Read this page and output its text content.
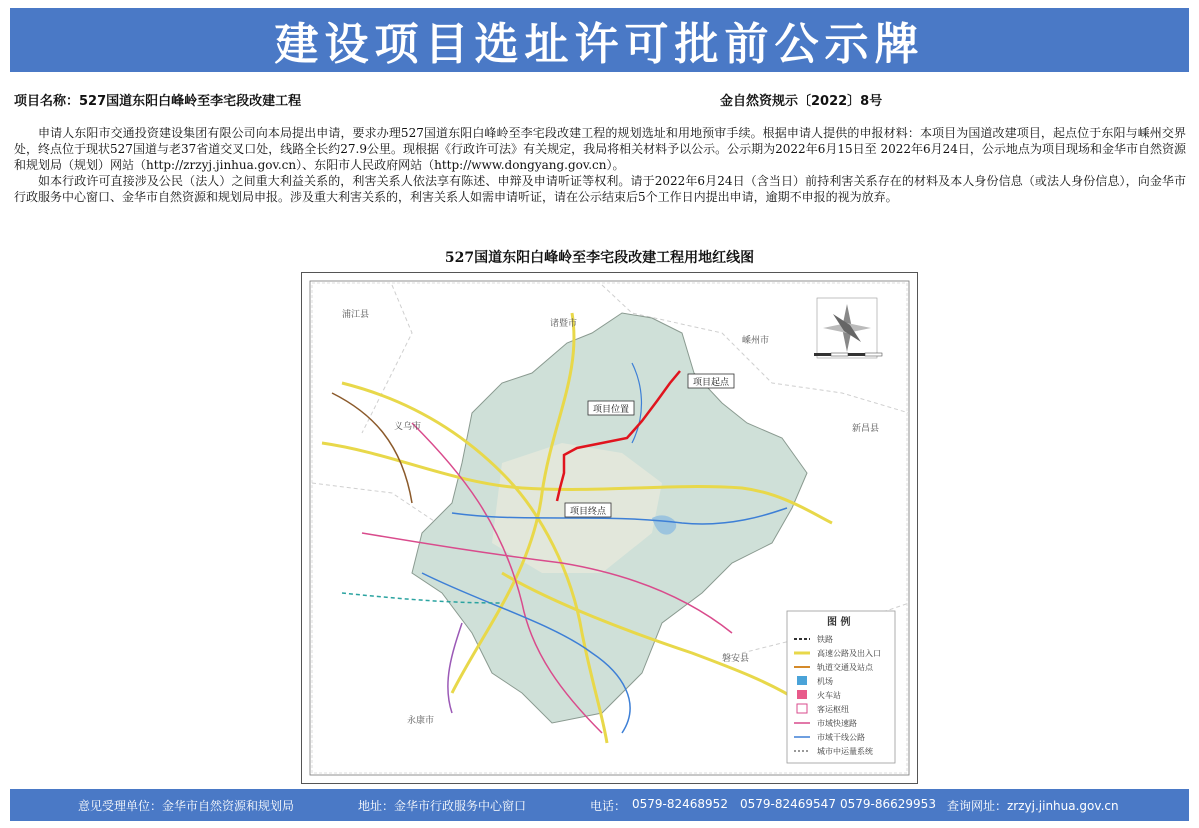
建设项目选址许可批前公示牌
项目名称：527国道东阳白峰岭至李宅段改建工程	金自然资规示〔2022〕8号

申请人东阳市交通投资建设集团有限公司向本局提出申请，要求办理527国道东阳白峰岭至李宅段改建工程的规划选址和用地预审手续。根据申请人提供的申报材料：本项目为国道改建项目，起点位于东阳与嵊州交界处，终点位于现状527国道与老37省道交叉口处，线路全长约27.9公里。现根据《行政许可法》有关规定，我局将相关材料予以公示。公示期为2022年6月15日至 2022年6月24日，公示地点为项目现场和金华市自然资源和规划局（规划）网站（http://zrzyj.jinhua.gov.cn）、东阳市人民政府网站（http://www.dongyang.gov.cn）。

如本行政许可直接涉及公民（法人）之间重大利益关系的，利害关系人依法享有陈述、申辩及申请听证等权利。请于2022年6月24日（含当日）前持利害关系存在的材料及本人身份信息（或法人身份信息），向金华市行政服务中心窗口、金华市自然资源和规划局申报。涉及重大利害关系的，利害关系人如需申请听证，请在公示结束后5个工作日内提出申请，逾期不申报的视为放弃。

527国道东阳白峰岭至李宅段改建工程用地红线图
浦江县
诸暨市
嵊州市
义乌市	新昌县
磐安县
永康市
项目起点
项目位置
项目终点
图 例
铁路
高速公路及出入口
轨道交通及站点
机场
火车站
客运枢纽
市域快速路
市域干线公路
城市中运量系统
意见受理单位：金华市自然资源和规划局	地址：金华市行政服务中心窗口	电话： 0579-82468952 0579-82469547 0579-86629953 查询网址：zrzyj.jinhua.gov.cn
